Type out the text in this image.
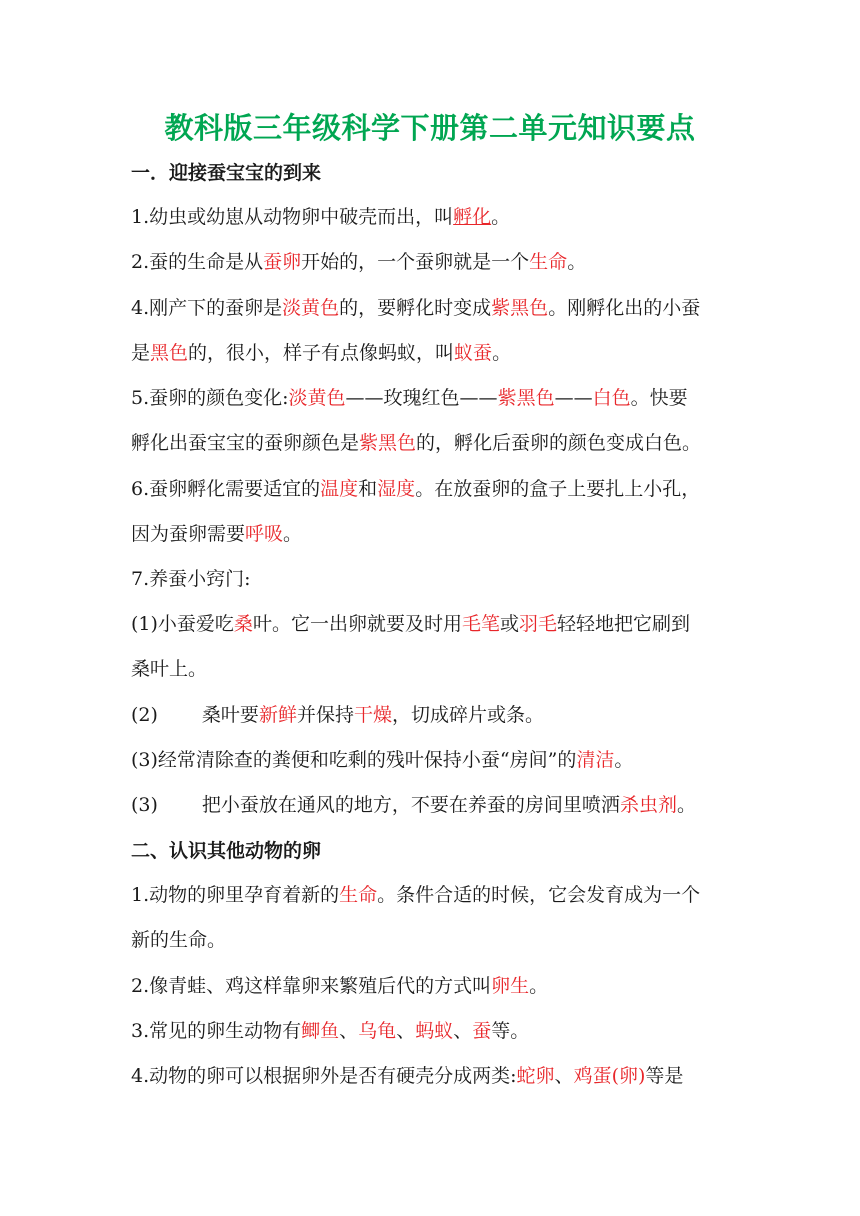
教科版三年级科学下册第二单元知识要点
一．迎接蚕宝宝的到来
1.幼虫或幼崽从动物卵中破壳而出，叫孵化。
2.蚕的生命是从蚕卵开始的，一个蚕卵就是一个生命。
4.刚产下的蚕卵是淡黄色的，要孵化时变成紫黑色。刚孵化出的小蚕
是黑色的，很小，样子有点像蚂蚁，叫蚁蚕。
5.蚕卵的颜色变化:淡黄色——玫瑰红色——紫黑色——白色。快要
孵化出蚕宝宝的蚕卵颜色是紫黑色的，孵化后蚕卵的颜色变成白色。
6.蚕卵孵化需要适宜的温度和湿度。在放蚕卵的盒子上要扎上小孔，
因为蚕卵需要呼吸。
7.养蚕小窍门:
(1)小蚕爱吃桑叶。它一出卵就要及时用毛笔或羽毛轻轻地把它刷到
桑叶上。
(2) 桑叶要新鲜并保持干燥，切成碎片或条。
(3)经常清除查的粪便和吃剩的残叶保持小蚕“房间”的清洁。
(3) 把小蚕放在通风的地方，不要在养蚕的房间里喷洒杀虫剂。
二、认识其他动物的卵
1.动物的卵里孕育着新的生命。条件合适的时候，它会发育成为一个
新的生命。
2.像青蛙、鸡这样靠卵来繁殖后代的方式叫卵生。
3.常见的卵生动物有鲫鱼、乌龟、蚂蚁、蚕等。
4.动物的卵可以根据卵外是否有硬壳分成两类:蛇卵、鸡蛋(卵)等是
